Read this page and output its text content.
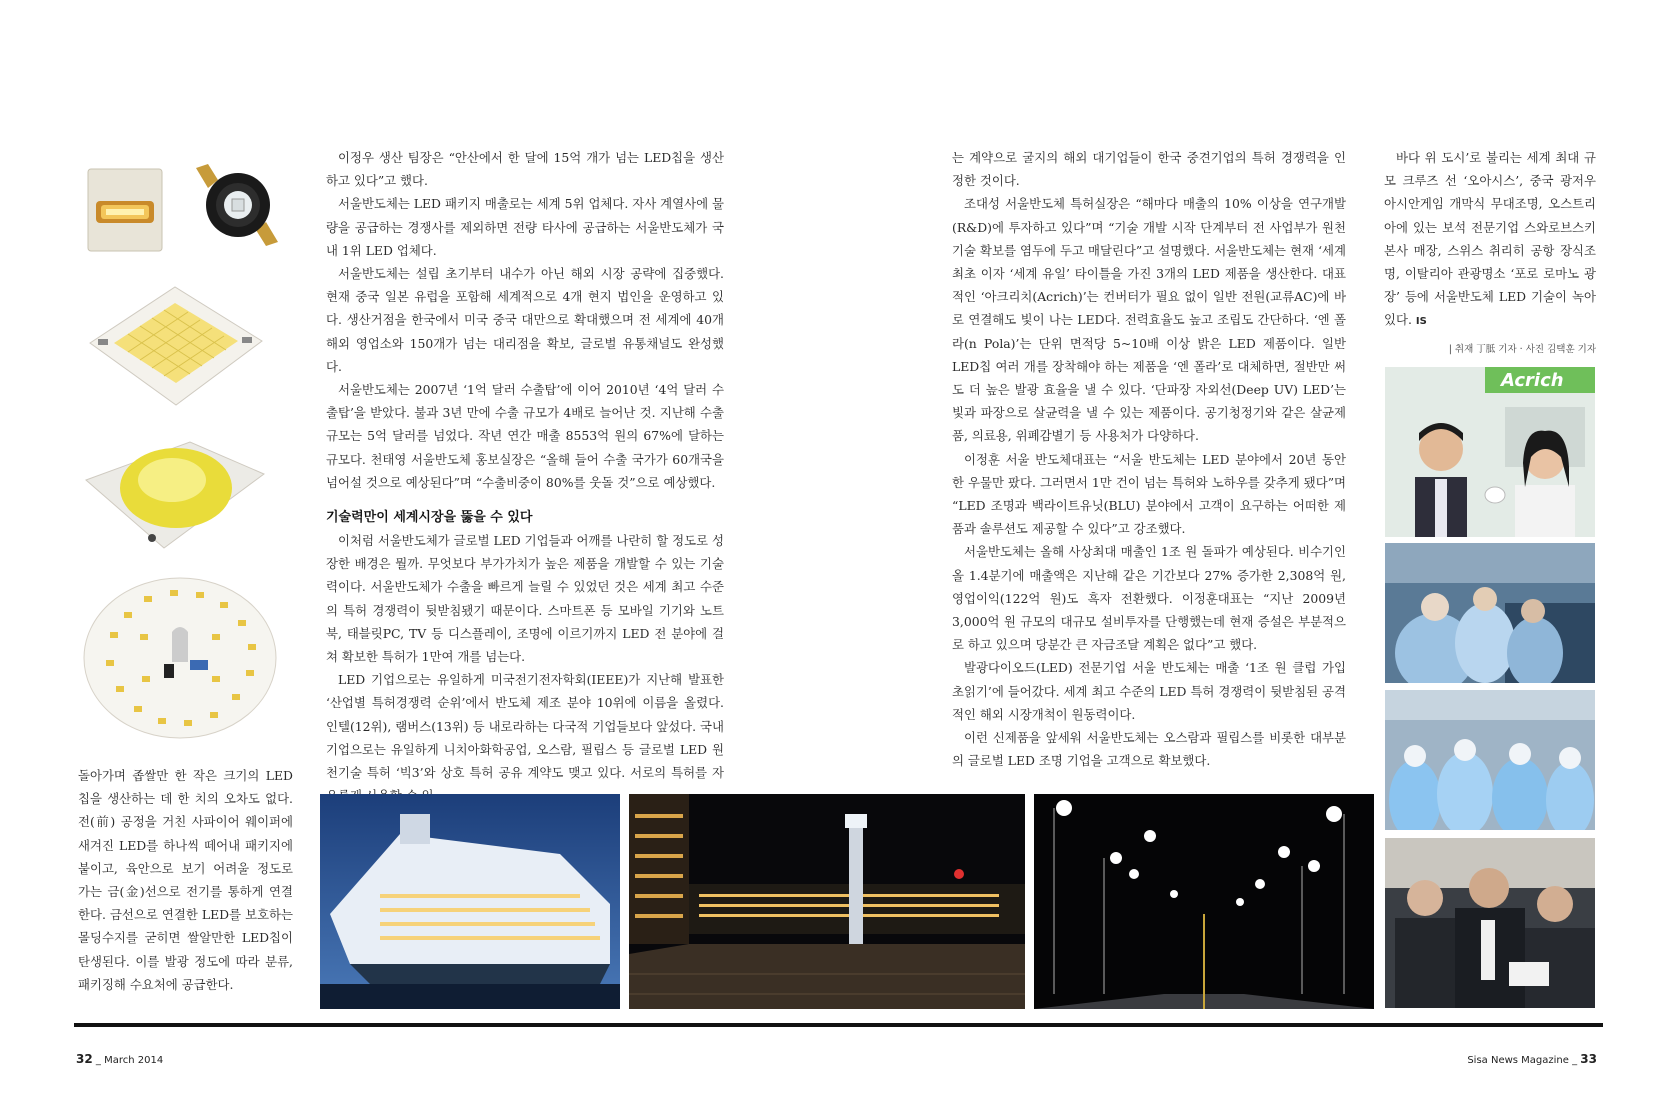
돌아가며 좁쌀만 한 작은 크기의 LED 칩을 생산하는 데 한 치의 오차도 없다. 전(前) 공정을 거친 사파이어 웨이퍼에 새겨진 LED를 하나씩 떼어내 패키지에 붙이고, 육안으로 보기 어려울 정도로 가는 금(金)선으로 전기를 통하게 연결한다. 금선으로 연결한 LED를 보호하는 몰딩수지를 굳히면 쌀알만한 LED칩이 탄생된다. 이를 발광 정도에 따라 분류, 패키징해 수요처에 공급한다.

이정우 생산 팀장은 “안산에서 한 달에 15억 개가 넘는 LED칩을 생산하고 있다”고 했다.

서울반도체는 LED 패키지 매출로는 세계 5위 업체다. 자사 계열사에 물량을 공급하는 경쟁사를 제외하면 전량 타사에 공급하는 서울반도체가 국내 1위 LED 업체다.

서울반도체는 설립 초기부터 내수가 아닌 해외 시장 공략에 집중했다. 현재 중국 일본 유럽을 포함해 세계적으로 4개 현지 법인을 운영하고 있다. 생산거점을 한국에서 미국 중국 대만으로 확대했으며 전 세계에 40개 해외 영업소와 150개가 넘는 대리점을 확보, 글로벌 유통채널도 완성했다.

서울반도체는 2007년 ‘1억 달러 수출탑’에 이어 2010년 ‘4억 달러 수출탑’을 받았다. 불과 3년 만에 수출 규모가 4배로 늘어난 것. 지난해 수출 규모는 5억 달러를 넘었다. 작년 연간 매출 8553억 원의 67%에 달하는 규모다. 천태영 서울반도체 홍보실장은 “올해 들어 수출 국가가 60개국을 넘어설 것으로 예상된다”며 “수출비중이 80%를 웃돌 것”으로 예상했다.

기술력만이 세계시장을 뚫을 수 있다

이처럼 서울반도체가 글로벌 LED 기업들과 어깨를 나란히 할 정도로 성장한 배경은 뭘까. 무엇보다 부가가치가 높은 제품을 개발할 수 있는 기술력이다. 서울반도체가 수출을 빠르게 늘릴 수 있었던 것은 세계 최고 수준의 특허 경쟁력이 뒷받침됐기 때문이다. 스마트폰 등 모바일 기기와 노트북, 태블릿PC, TV 등 디스플레이, 조명에 이르기까지 LED 전 분야에 걸쳐 확보한 특허가 1만여 개를 넘는다.

LED 기업으로는 유일하게 미국전기전자학회(IEEE)가 지난해 발표한 ‘산업별 특허경쟁력 순위’에서 반도체 제조 분야 10위에 이름을 올렸다. 인텔(12위), 램버스(13위) 등 내로라하는 다국적 기업들보다 앞섰다. 국내 기업으로는 유일하게 니치아화학공업, 오스람, 필립스 등 글로벌 LED 원천기술 특허 ‘빅3’와 상호 특허 공유 계약도 맺고 있다. 서로의 특허를 자

는 계약으로 굴지의 해외 대기업들이 한국 중견기업의 특허 경쟁력을 인정한 것이다.

조대성 서울반도체 특허실장은 “해마다 매출의 10% 이상을 연구개발(R&D)에 투자하고 있다”며 “기술 개발 시작 단계부터 전 사업부가 원천기술 확보를 염두에 두고 매달린다”고 설명했다. 서울반도체는 현재 ‘세계 최초 이자 ‘세계 유일’ 타이틀을 가진 3개의 LED 제품을 생산한다. 대표적인 ‘아크리치(Acrich)’는 컨버터가 필요 없이 일반 전원(교류AC)에 바로 연결해도 빛이 나는 LED다. 전력효율도 높고 조립도 간단하다. ‘엔 폴라(n Pola)’는 단위 면적당 5~10배 이상 밝은 LED 제품이다. 일반 LED칩 여러 개를 장착해야 하는 제품을 ‘엔 폴라’로 대체하면, 절반만 써도 더 높은 발광 효율을 낼 수 있다. ‘단파장 자외선(Deep UV) LED’는 빛과 파장으로 살균력을 낼 수 있는 제품이다. 공기청정기와 같은 살균제품, 의료용, 위폐감별기 등 사용처가 다양하다.

이정훈 서울 반도체대표는 “서울 반도체는 LED 분야에서 20년 동안 한 우물만 팠다. 그러면서 1만 건이 넘는 특허와 노하우를 갖추게 됐다”며 “LED 조명과 백라이트유닛(BLU) 분야에서 고객이 요구하는 어떠한 제품과 솔루션도 제공할 수 있다”고 강조했다.

서울반도체는 올해 사상최대 매출인 1조 원 돌파가 예상된다. 비수기인 올 1.4분기에 매출액은 지난해 같은 기간보다 27% 증가한 2,308억 원, 영업이익(122억 원)도 흑자 전환했다. 이정훈대표는 “지난 2009년 3,000억 원 규모의 대규모 설비투자를 단행했는데 현재 증설은 부분적으로 하고 있으며 당분간 큰 자금조달 계획은 없다”고 했다.

발광다이오드(LED) 전문기업 서울 반도체는 매출 ‘1조 원 클럽 가입 초읽기’에 들어갔다. 세계 최고 수준의 LED 특허 경쟁력이 뒷받침된 공격적인 해외 시장개척이 원동력이다.

이런 신제품을 앞세워 서울반도체는 오스람과 필립스를 비롯한 대부분의 글로벌 LED 조명 기업을 고객으로 확보했다.

바다 위 도시’로 불리는 세계 최대 규모 크루즈 선 ‘오아시스’, 중국 광저우 아시안게임 개막식 무대조명, 오스트리아에 있는 보석 전문기업 스와로브스키 본사 매장, 스위스 취리히 공항 장식조명, 이탈리아 관광명소 ‘포로 로마노 광장’ 등에 서울반도체 LED 기술이 녹아 있다. IS

| 취재 丁胝 기자 · 사진 김택훈 기자
Acrich
32 _ March 2014	Sisa News Magazine _ 33
